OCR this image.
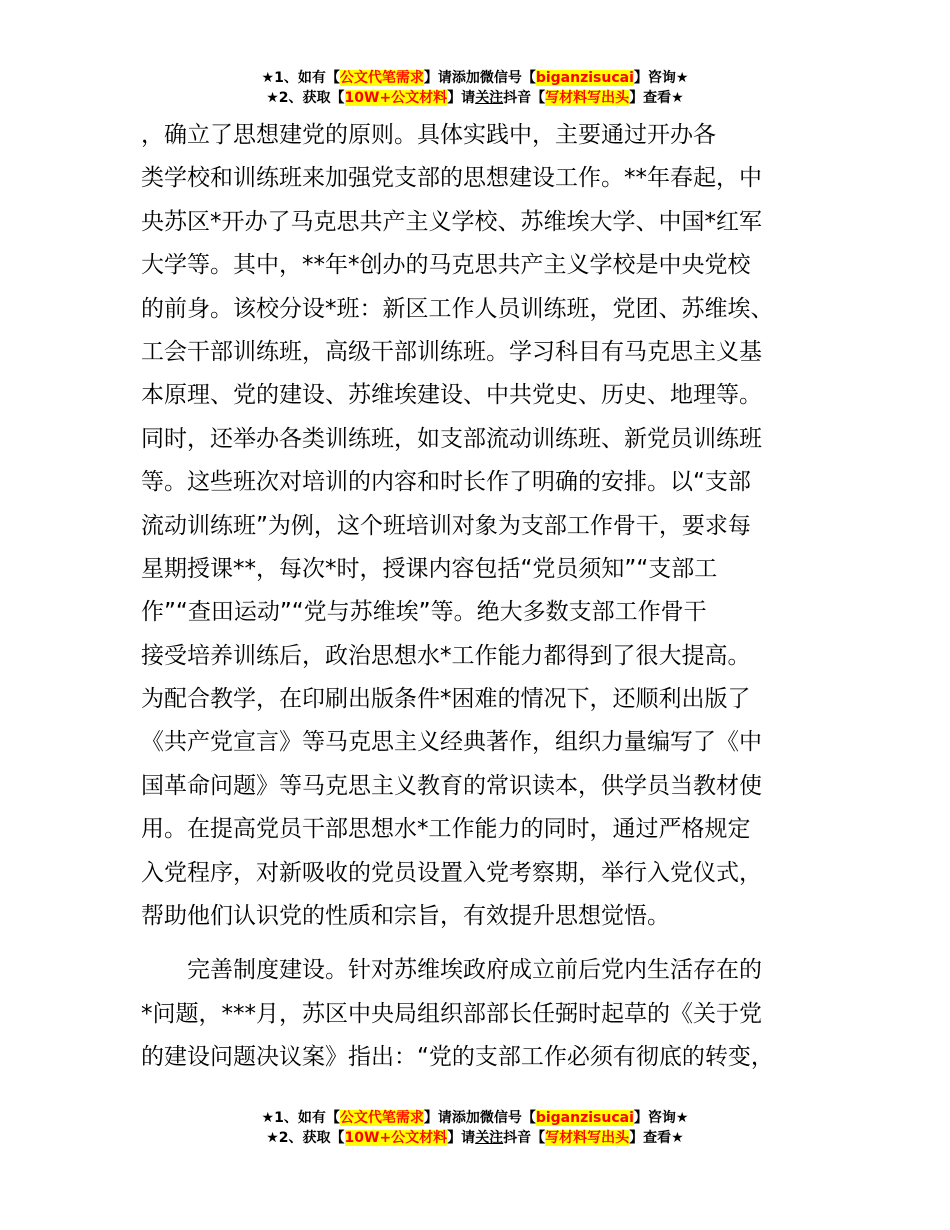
★1、如有【公文代笔需求】请添加微信号【biganzisucai】咨询★
★2、获取【10W+公文材料】请关注抖音【写材料写出头】查看★
，确立了思想建党的原则。具体实践中，主要通过开办各
类学校和训练班来加强党支部的思想建设工作。**年春起，中
央苏区*开办了马克思共产主义学校、苏维埃大学、中国*红军
大学等。其中，**年*创办的马克思共产主义学校是中央党校
的前身。该校分设*班：新区工作人员训练班，党团、苏维埃、
工会干部训练班，高级干部训练班。学习科目有马克思主义基
本原理、党的建设、苏维埃建设、中共党史、历史、地理等。
同时，还举办各类训练班，如支部流动训练班、新党员训练班
等。这些班次对培训的内容和时长作了明确的安排。以“支部
流动训练班”为例，这个班培训对象为支部工作骨干，要求每
星期授课**，每次*时，授课内容包括“党员须知”“支部工
作”“查田运动”“党与苏维埃”等。绝大多数支部工作骨干
接受培养训练后，政治思想水*工作能力都得到了很大提高。
为配合教学，在印刷出版条件*困难的情况下，还顺利出版了
《共产党宣言》等马克思主义经典著作，组织力量编写了《中
国革命问题》等马克思主义教育的常识读本，供学员当教材使
用。在提高党员干部思想水*工作能力的同时，通过严格规定
入党程序，对新吸收的党员设置入党考察期，举行入党仪式，
帮助他们认识党的性质和宗旨，有效提升思想觉悟。
　　完善制度建设。针对苏维埃政府成立前后党内生活存在的
*问题，***月，苏区中央局组织部部长任弼时起草的《关于党
的建设问题决议案》指出：“党的支部工作必须有彻底的转变，
★1、如有【公文代笔需求】请添加微信号【biganzisucai】咨询★
★2、获取【10W+公文材料】请关注抖音【写材料写出头】查看★
